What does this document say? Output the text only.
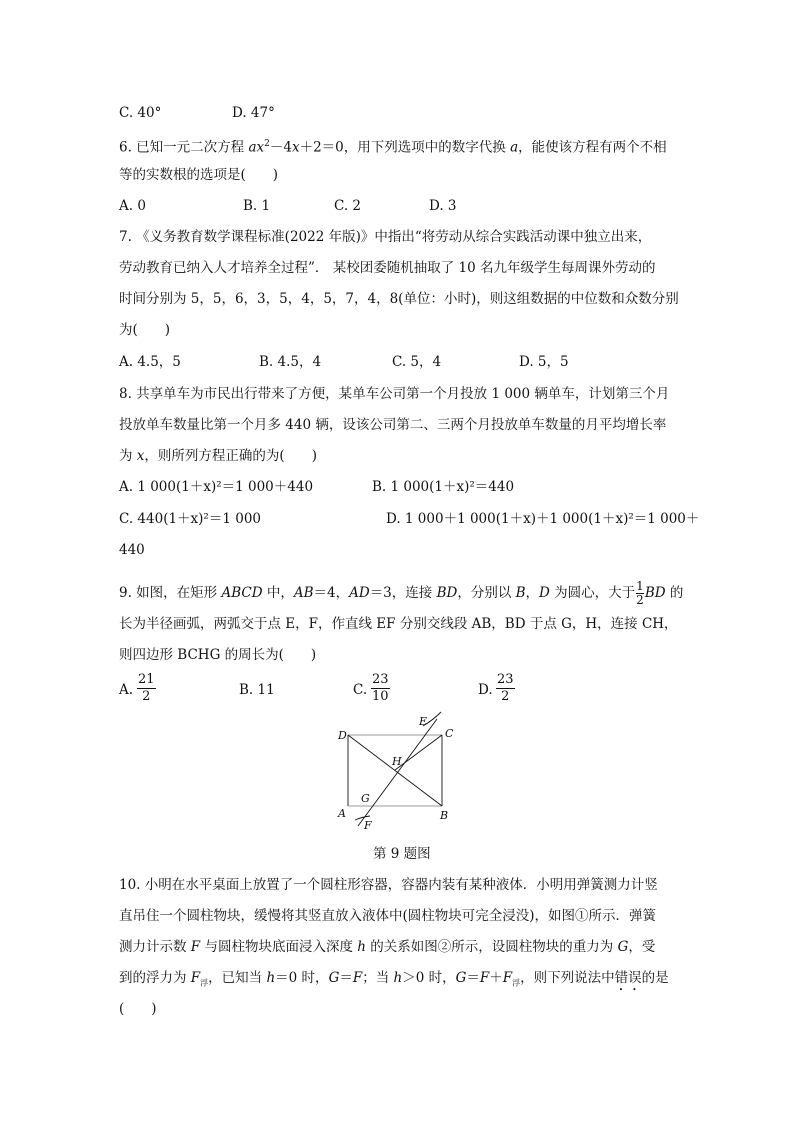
C. 40°	D. 47°
6. 已知一元二次方程 $ax^2-4x+2=0$，用下列选项中的数字代换 a，能使该方程有两个不相
等的实数根的选项是(　　)
A. 0	B. 1	C. 2	D. 3
7. 《义务教育数学课程标准(2022 年版)》中指出“将劳动从综合实践活动课中独立出来，
劳动教育已纳入人才培养全过程”． 某校团委随机抽取了 10 名九年级学生每周课外劳动的
时间分别为 5，5，6，3，5，4，5，7，4，8(单位：小时)，则这组数据的中位数和众数分别
为(　　)
A. 4.5，5	B. 4.5，4	C. 5，4	D. 5，5
8. 共享单车为市民出行带来了方便，某单车公司第一个月投放 1 000 辆单车，计划第三个月
投放单车数量比第一个月多 440 辆，设该公司第二、三两个月投放单车数量的月平均增长率
为 x，则所列方程正确的为(　　)
A. 1 000(1＋x)²＝1 000＋440	B. 1 000(1＋x)²＝440
C. 440(1＋x)²＝1 000	D. 1 000＋1 000(1＋x)＋1 000(1＋x)²＝1 000＋
440
9. 如图，在矩形 ABCD 中，AB＝4，AD＝3，连接 BD，分别以 B，D 为圆心，大于 $\frac{1}{2}$ BD 的
长为半径画弧，两弧交于点 E，F，作直线 EF 分别交线段 AB，BD 于点 G，H，连接 CH，
则四边形 BCHG 的周长为(　　)
A. $\frac{21}{2}$	B. 11	C. $\frac{23}{10}$	D. $\frac{23}{2}$
D	C
A	B
E
F
G
H
第 9 题图
10. 小明在水平桌面上放置了一个圆柱形容器，容器内装有某种液体．小明用弹簧测力计竖
直吊住一个圆柱物块，缓慢将其竖直放入液体中(圆柱物块可完全浸没)，如图①所示．弹簧
测力计示数 F 与圆柱物块底面浸入深度 h 的关系如图②所示，设圆柱物块的重力为 G，受
到的浮力为 $F_浮$，已知当 h＝0 时，G＝F；当 h＞0 时，$G=F+F_浮$，则下列说法中错误的是
(　　)
